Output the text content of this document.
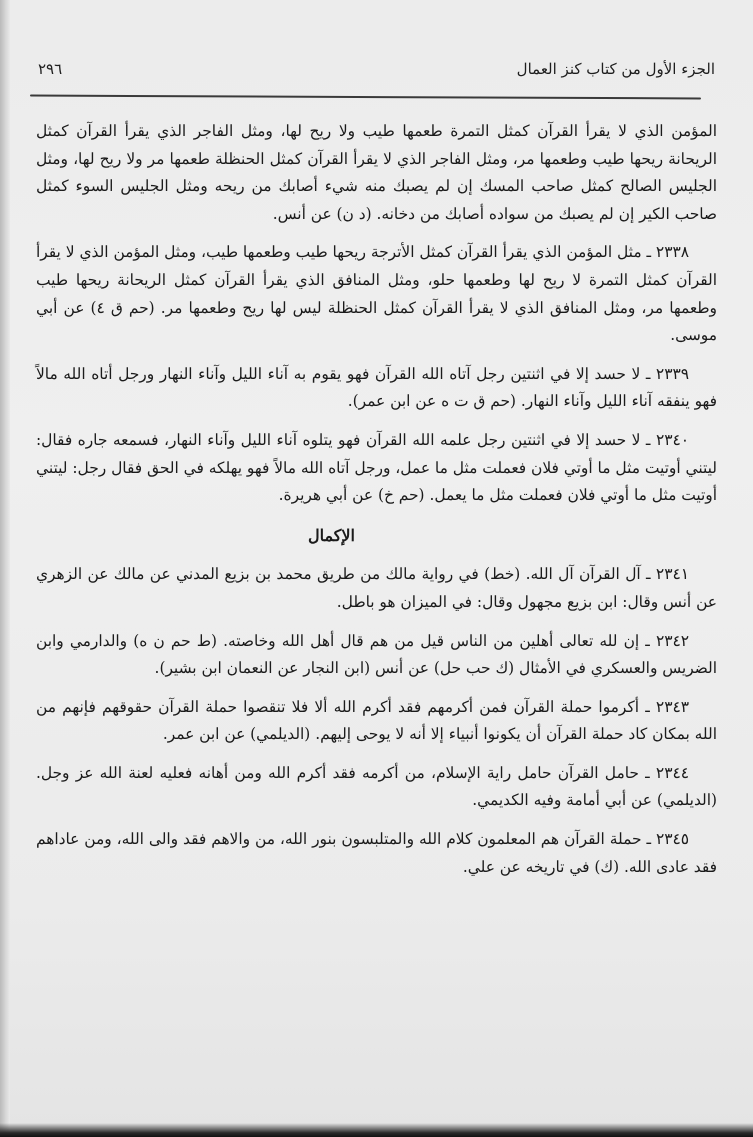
الجزء الأول من كتاب كنز العمال
٢٩٦

المؤمن الذي لا يقرأ القرآن كمثل التمرة طعمها طيب ولا ريح لها، ومثل الفاجر الذي يقرأ القرآن كمثل الريحانة ريحها طيب وطعمها مر، ومثل الفاجر الذي لا يقرأ القرآن كمثل الحنظلة طعمها مر ولا ريح لها، ومثل الجليس الصالح كمثل صاحب المسك إن لم يصبك منه شيء أصابك من ريحه ومثل الجليس السوء كمثل صاحب الكير إن لم يصبك من سواده أصابك من دخانه. (د ن) عن أنس.

٢٣٣٨ ـ مثل المؤمن الذي يقرأ القرآن كمثل الأترجة ريحها طيب وطعمها طيب، ومثل المؤمن الذي لا يقرأ القرآن كمثل التمرة لا ريح لها وطعمها حلو، ومثل المنافق الذي يقرأ القرآن كمثل الريحانة ريحها طيب وطعمها مر، ومثل المنافق الذي لا يقرأ القرآن كمثل الحنظلة ليس لها ريح وطعمها مر. (حم ق ٤) عن أبي موسى.

٢٣٣٩ ـ لا حسد إلا في اثنتين رجل آتاه الله القرآن فهو يقوم به آناء الليل وآناء النهار ورجل أتاه الله مالاً فهو ينفقه آناء الليل وآناء النهار. (حم ق ت ه عن ابن عمر).

٢٣٤٠ ـ لا حسد إلا في اثنتين رجل علمه الله القرآن فهو يتلوه آناء الليل وآناء النهار، فسمعه جاره فقال: ليتني أوتيت مثل ما أوتي فلان فعملت مثل ما عمل، ورجل آتاه الله مالاً فهو يهلكه في الحق فقال رجل: ليتني أوتيت مثل ما أوتي فلان فعملت مثل ما يعمل. (حم خ) عن أبي هريرة.

الإكمال

٢٣٤١ ـ آل القرآن آل الله. (خط) في رواية مالك من طريق محمد بن بزيع المدني عن مالك عن الزهري عن أنس وقال: ابن بزيع مجهول وقال: في الميزان هو باطل.

٢٣٤٢ ـ إن لله تعالى أهلين من الناس قيل من هم قال أهل الله وخاصته. (ط حم ن ه) والدارمي وابن الضريس والعسكري في الأمثال (ك حب حل) عن أنس (ابن النجار عن النعمان ابن بشير).

٢٣٤٣ ـ أكرموا حملة القرآن فمن أكرمهم فقد أكرم الله ألا فلا تنقصوا حملة القرآن حقوقهم فإنهم من الله بمكان كاد حملة القرآن أن يكونوا أنبياء إلا أنه لا يوحى إليهم. (الديلمي) عن ابن عمر.

٢٣٤٤ ـ حامل القرآن حامل راية الإسلام، من أكرمه فقد أكرم الله ومن أهانه فعليه لعنة الله عز وجل. (الديلمي) عن أبي أمامة وفيه الكديمي.

٢٣٤٥ ـ حملة القرآن هم المعلمون كلام الله والمتلبسون بنور الله، من والاهم فقد والى الله، ومن عاداهم فقد عادى الله. (ك) في تاريخه عن علي.
